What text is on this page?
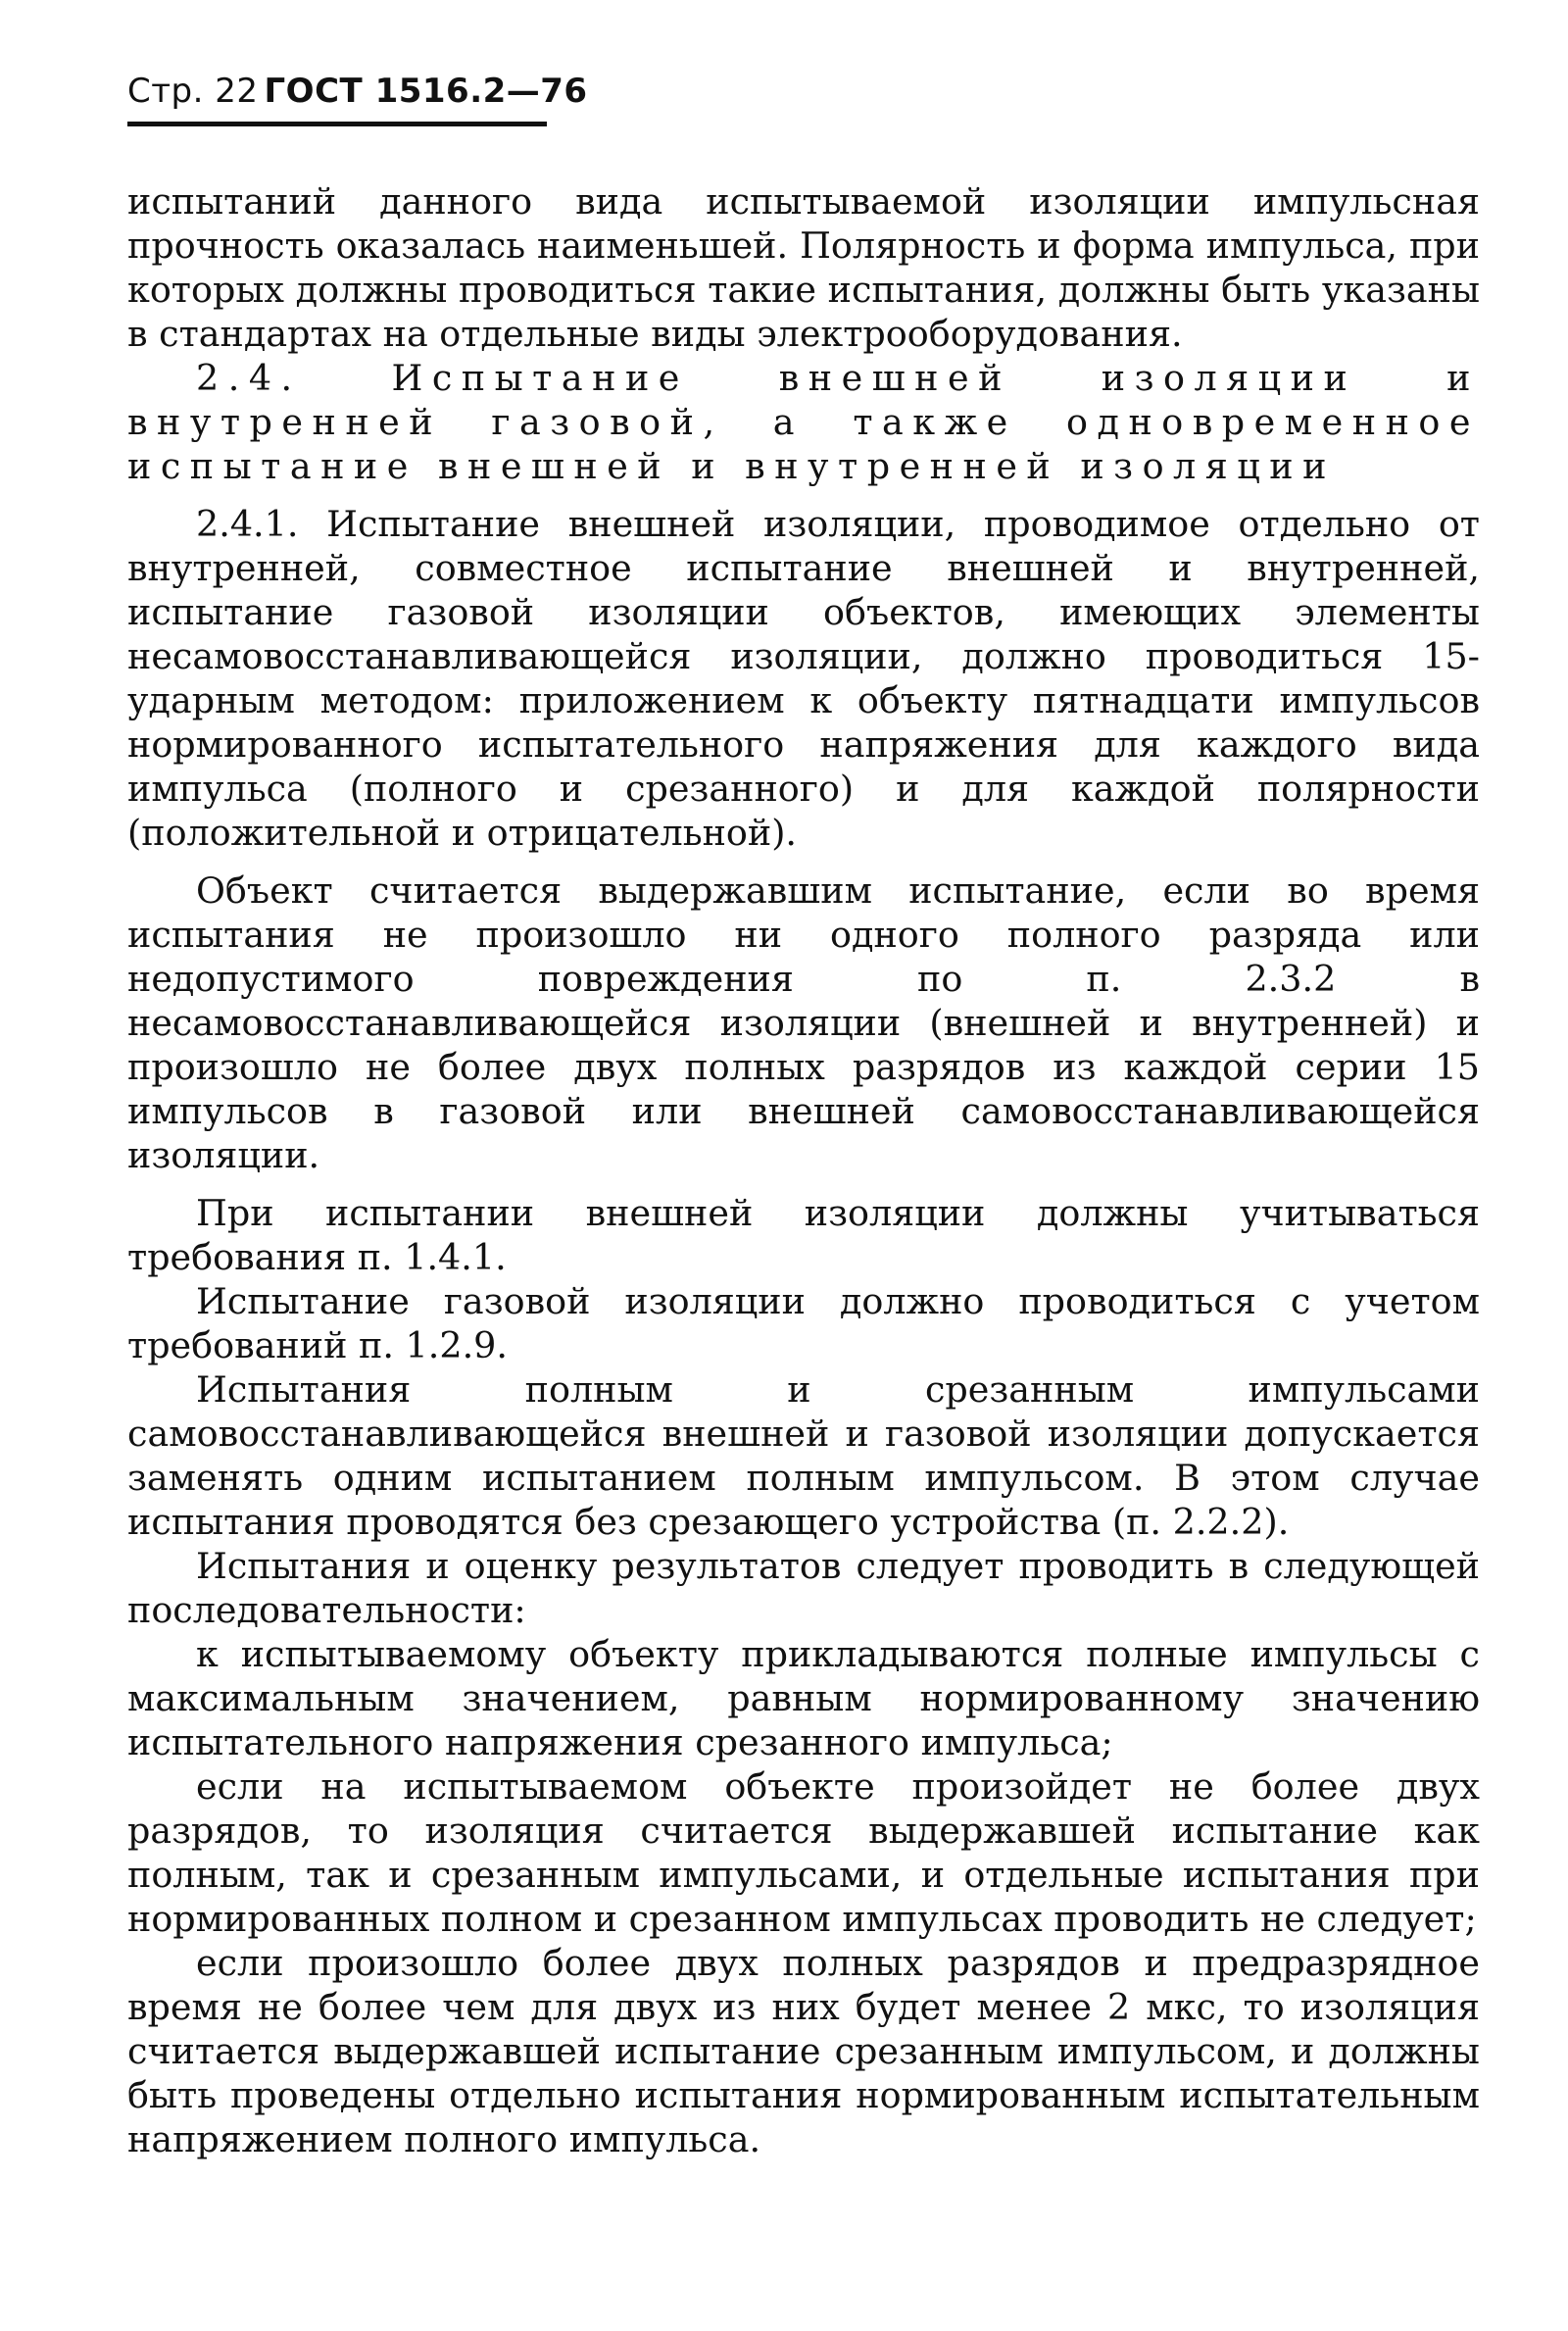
Стр. 22 ГОСТ 1516.2—76

испытаний данного вида испытываемой изоляции импульсная прочность оказалась наименьшей. Полярность и форма импульса, при которых должны проводиться такие испытания, должны быть указаны в стандартах на отдельные виды электрооборудования.

2.4. Испытание внешней изоляции и внутренней газовой, а также одновременное испытание внешней и внутренней изоляции

2.4.1. Испытание внешней изоляции, проводимое отдельно от внутренней, совместное испытание внешней и внутренней, испытание газовой изоляции объектов, имеющих элементы несамовосстанавливающейся изоляции, должно проводиться 15- ударным методом: приложением к объекту пятнадцати импульсов нормированного испытательного напряжения для каждого вида импульса (полного и срезанного) и для каждой полярности (положительной и отрицательной).

Объект считается выдержавшим испытание, если во время испытания не произошло ни одного полного разряда или недопустимого повреждения по п. 2.3.2 в несамовосстанавливающейся изоляции (внешней и внутренней) и произошло не более двух полных разрядов из каждой серии 15 импульсов в газовой или внешней самовосстанавливающейся изоляции.

При испытании внешней изоляции должны учитываться требования п. 1.4.1.

Испытание газовой изоляции должно проводиться с учетом требований п. 1.2.9.

Испытания полным и срезанным импульсами самовосстанавливающейся внешней и газовой изоляции допускается заменять одним испытанием полным импульсом. В этом случае испытания проводятся без срезающего устройства (п. 2.2.2).

Испытания и оценку результатов следует проводить в следующей последовательности:

к испытываемому объекту прикладываются полные импульсы с максимальным значением, равным нормированному значению испытательного напряжения срезанного импульса;

если на испытываемом объекте произойдет не более двух разрядов, то изоляция считается выдержавшей испытание как полным, так и срезанным импульсами, и отдельные испытания при нормированных полном и срезанном импульсах проводить не следует;

если произошло более двух полных разрядов и предразрядное время не более чем для двух из них будет менее 2 мкс, то изоляция считается выдержавшей испытание срезанным импульсом, и должны быть проведены отдельно испытания нормированным испытательным напряжением полного импульса.
